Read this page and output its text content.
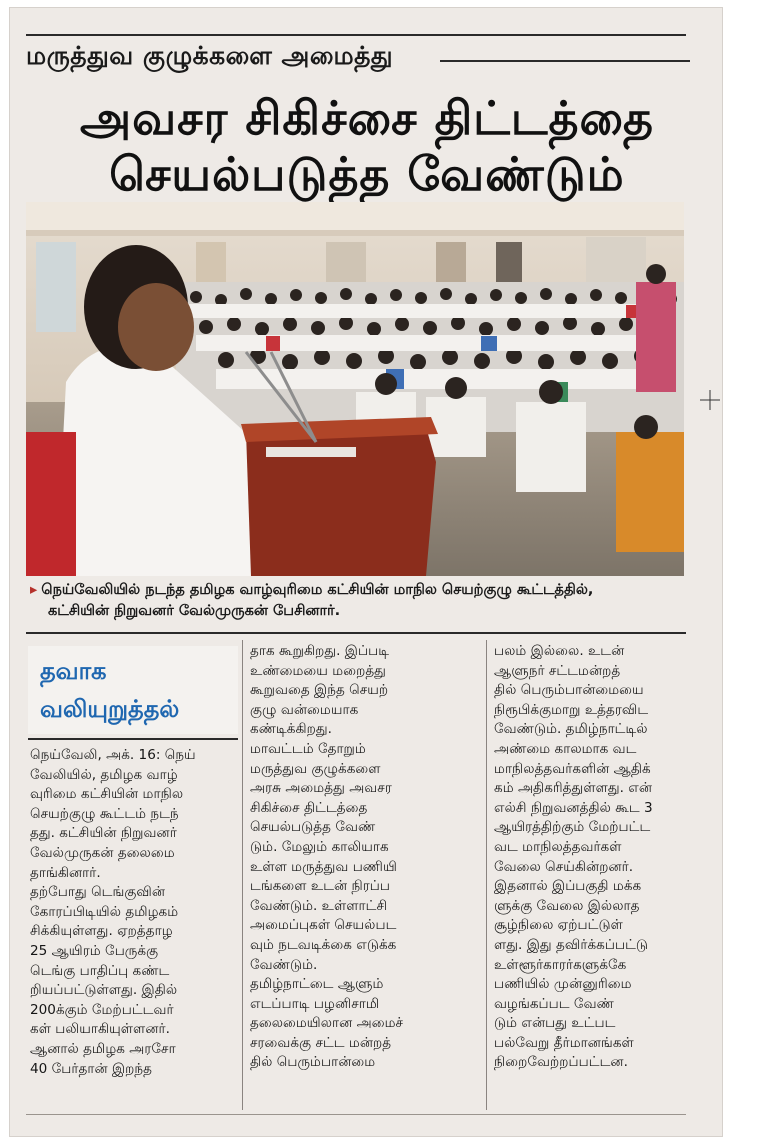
மருத்துவ குழுக்களை அமைத்து
அவசர சிகிச்சை திட்டத்தை
செயல்படுத்த வேண்டும்
▸ நெய்வேலியில் நடந்த தமிழக வாழ்வுரிமை கட்சியின் மாநில செயற்குழு கூட்டத்தில்,
கட்சியின் நிறுவனர் வேல்முருகன் பேசினார்.
தவாக
வலியுறுத்தல்
நெய்வேலி, அக். 16: நெய்
வேலியில், தமிழக வாழ்
வுரிமை கட்சியின் மாநில
செயற்குழு கூட்டம் நடந்
தது. கட்சியின் நிறுவனர்
வேல்முருகன் தலைமை
தாங்கினார்.
தற்போது டெங்குவின்
கோரப்பிடியில் தமிழகம்
சிக்கியுள்ளது. ஏறத்தாழ
25 ஆயிரம் பேருக்கு
டெங்கு பாதிப்பு கண்ட
றியப்பட்டுள்ளது. இதில்
200க்கும் மேற்பட்டவர்
கள் பலியாகியுள்ளனர்.
ஆனால் தமிழக அரசோ
40 பேர்தான் இறந்த
தாக கூறுகிறது. இப்படி
உண்மையை மறைத்து
கூறுவதை இந்த செயற்
குழு வன்மையாக
கண்டிக்கிறது.
மாவட்டம் தோறும்
மருத்துவ குழுக்களை
அரசு அமைத்து அவசர
சிகிச்சை திட்டத்தை
செயல்படுத்த வேண்
டும். மேலும் காலியாக
உள்ள மருத்துவ பணியி
டங்களை உடன் நிரப்ப
வேண்டும். உள்ளாட்சி
அமைப்புகள் செயல்பட
வும் நடவடிக்கை எடுக்க
வேண்டும்.
தமிழ்நாட்டை ஆளும்
எடப்பாடி பழனிசாமி
தலைமையிலான அமைச்
சரவைக்கு சட்ட மன்றத்
தில் பெரும்பான்மை
பலம் இல்லை. உடன்
ஆளுநர் சட்டமன்றத்
தில் பெரும்பான்மையை
நிரூபிக்குமாறு உத்தரவிட
வேண்டும். தமிழ்நாட்டில்
அண்மை காலமாக வட
மாநிலத்தவர்களின் ஆதிக்
கம் அதிகரித்துள்ளது. என்
எல்சி நிறுவனத்தில் கூட 3
ஆயிரத்திற்கும் மேற்பட்ட
வட மாநிலத்தவர்கள்
வேலை செய்கின்றனர்.
இதனால் இப்பகுதி மக்க
ளுக்கு வேலை இல்லாத
சூழ்நிலை ஏற்பட்டுள்
ளது. இது தவிர்க்கப்பட்டு
உள்ளூர்காரர்களுக்கே
பணியில் முன்னுரிமை
வழங்கப்பட வேண்
டும் என்பது உட்பட
பல்வேறு தீர்மானங்கள்
நிறைவேற்றப்பட்டன.
